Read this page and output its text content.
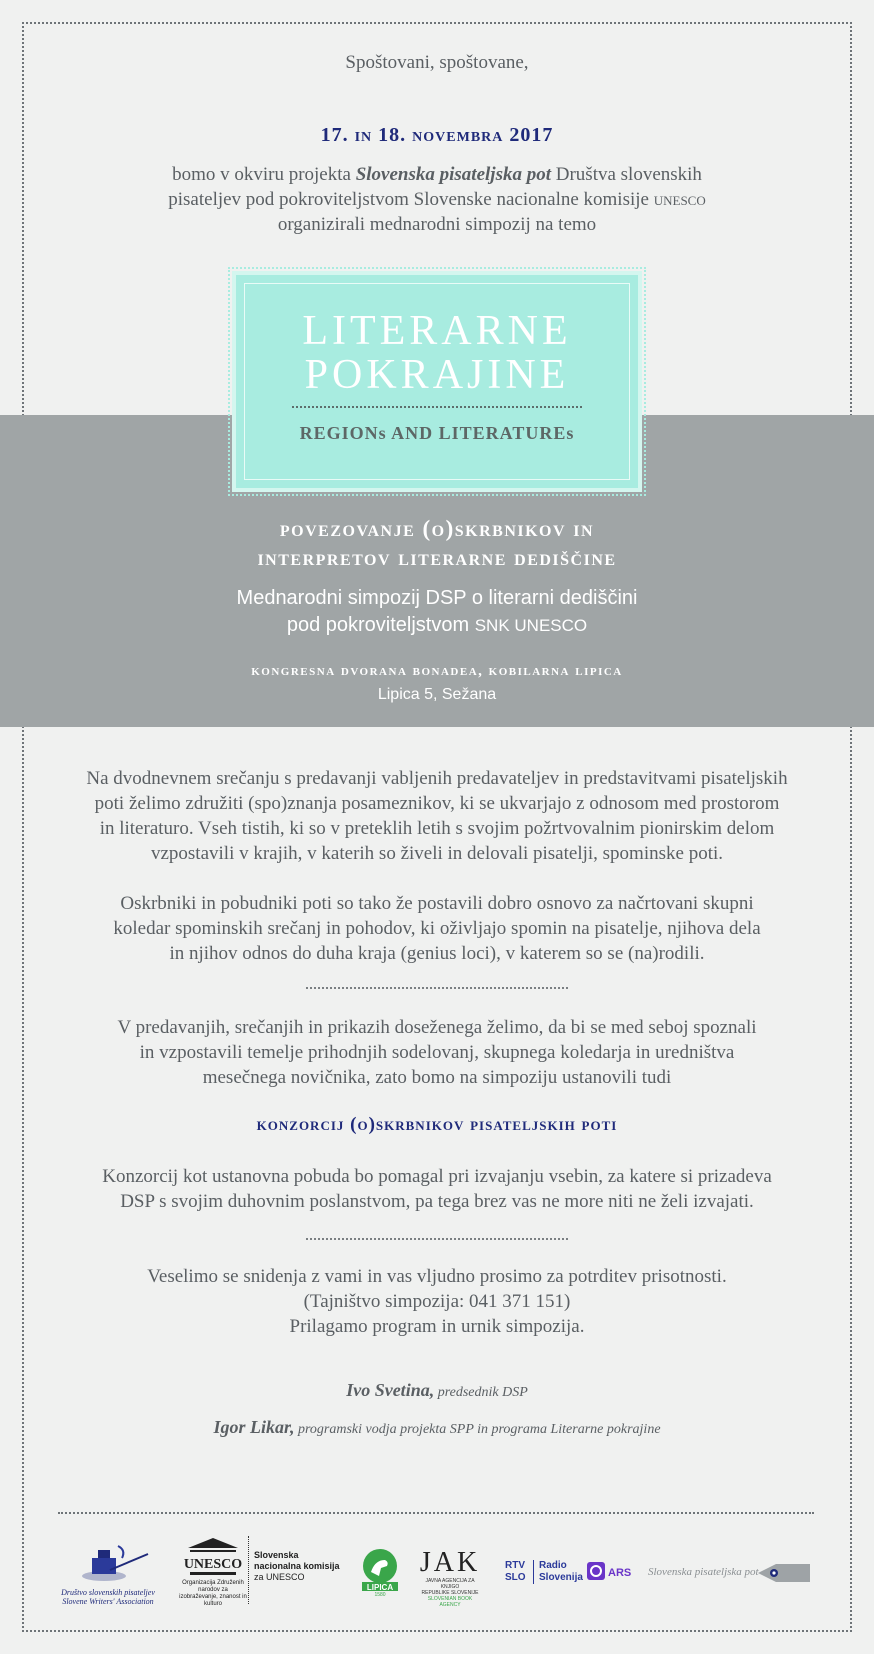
Spoštovani, spoštovane,
17. in 18. novembra 2017
bomo v okviru projekta Slovenska pisateljska pot Društva slovenskih
pisateljev pod pokroviteljstvom Slovenske nacionalne komisije unesco
organizirali mednarodni simpozij na temo
LITERARNE
POKRAJINE
REGIONs AND LITERATUREs
povezovanje (o)skrbnikov in
interpretov literarne dediščine
Mednarodni simpozij DSP o literarni dediščini
pod pokroviteljstvom SNK UNESCO
kongresna dvorana bonadea, kobilarna lipica
Lipica 5, Sežana
Na dvodnevnem srečanju s predavanji vabljenih predavateljev in predstavitvami pisateljskih
poti želimo združiti (spo)znanja posameznikov, ki se ukvarjajo z odnosom med prostorom
in literaturo. Vseh tistih, ki so v preteklih letih s svojim požrtvovalnim pionirskim delom
vzpostavili v krajih, v katerih so živeli in delovali pisatelji, spominske poti.
Oskrbniki in pobudniki poti so tako že postavili dobro osnovo za načrtovani skupni
koledar spominskih srečanj in pohodov, ki oživljajo spomin na pisatelje, njihova dela
in njihov odnos do duha kraja (genius loci), v katerem so se (na)rodili.
V predavanjih, srečanjih in prikazih doseženega želimo, da bi se med seboj spoznali
in vzpostavili temelje prihodnjih sodelovanj, skupnega koledarja in uredništva
mesečnega novičnika, zato bomo na simpoziju ustanovili tudi
konzorcij (o)skrbnikov pisateljskih poti
Konzorcij kot ustanovna pobuda bo pomagal pri izvajanju vsebin, za katere si prizadeva
DSP s svojim duhovnim poslanstvom, pa tega brez vas ne more niti ne želi izvajati.
Veselimo se snidenja z vami in vas vljudno prosimo za potrditev prisotnosti.
(Tajništvo simpozija: 041 371 151)
Prilagamo program in urnik simpozija.
Ivo Svetina, predsednik DSP
Igor Likar, programski vodja projekta SPP in programa Literarne pokrajine
Društvo slovenskih pisateljev
Slovene Writers' Association
UNESCO
Organizacija Združenih narodov za izobraževanje, znanost in kulturo
Slovenska
nacionalna komisija
za UNESCO
LIPICA
1580
JAK
JAVNA AGENCIJA ZA KNJIGO
REPUBLIKE SLOVENIJE
SLOVENIAN BOOK AGENCY
RTV
SLO
Radio
Slovenija ARS Slovenska pisateljska pot
